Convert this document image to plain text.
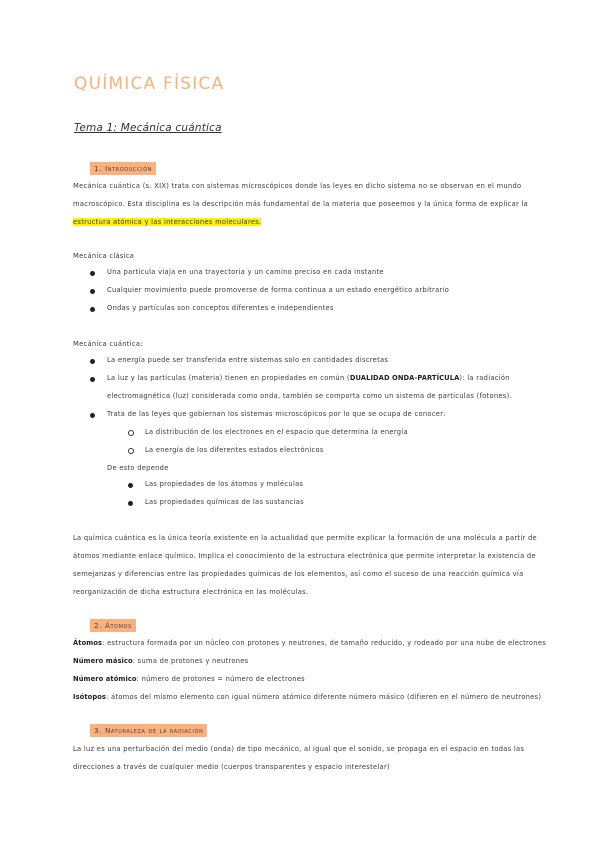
QUÍMICA FÍSICA
Tema 1: Mecánica cuántica
1. Introducción
Mecánica cuántica (s. XIX) trata con sistemas microscópicos donde las leyes en dicho sistema no se observan en el mundo
macroscópico. Esta disciplina es la descripción más fundamental de la materia que poseemos y la única forma de explicar la
estructura atómica y las interacciones moleculares.
Mecánica clásica
Una partícula viaja en una trayectoria y un camino preciso en cada instante
Cualquier movimiento puede promoverse de forma continua a un estado energético arbitrario
Ondas y partículas son conceptos diferentes e independientes
Mecánica cuántica:
La energía puede ser transferida entre sistemas solo en cantidades discretas
La luz y las partículas (materia) tienen en propiedades en común (DUALIDAD ONDA-PARTÍCULA): la radiación
electromagnética (luz) considerada como onda, también se comporta como un sistema de partículas (fotones).
Trata de las leyes que gobiernan los sistemas microscópicos por lo que se ocupa de conocer:
La distribución de los electrones en el espacio que determina la energía
La energía de los diferentes estados electrónicos
De esto depende
Las propiedades de los átomos y moléculas
Las propiedades químicas de las sustancias
La química cuántica es la única teoría existente en la actualidad que permite explicar la formación de una molécula a partir de
átomos mediante enlace químico. Implica el conocimiento de la estructura electrónica que permite interpretar la existencia de
semejanzas y diferencias entre las propiedades químicas de los elementos, así como el suceso de una reacción química vía
reorganización de dicha estructura electrónica en las moléculas.
2. Átomos
Átomos: estructura formada por un núcleo con protones y neutrones, de tamaño reducido, y rodeado por una nube de electrones
Número másico: suma de protones y neutrones
Número atómico: número de protones = número de electrones
Isótopos: átomos del mismo elemento con igual número atómico diferente número másico (difieren en el número de neutrones)
3. Naturaleza de la radiación
La luz es una perturbación del medio (onda) de tipo mecánico, al igual que el sonido, se propaga en el espacio en todas las
direcciones a través de cualquier medio (cuerpos transparentes y espacio interestelar)
